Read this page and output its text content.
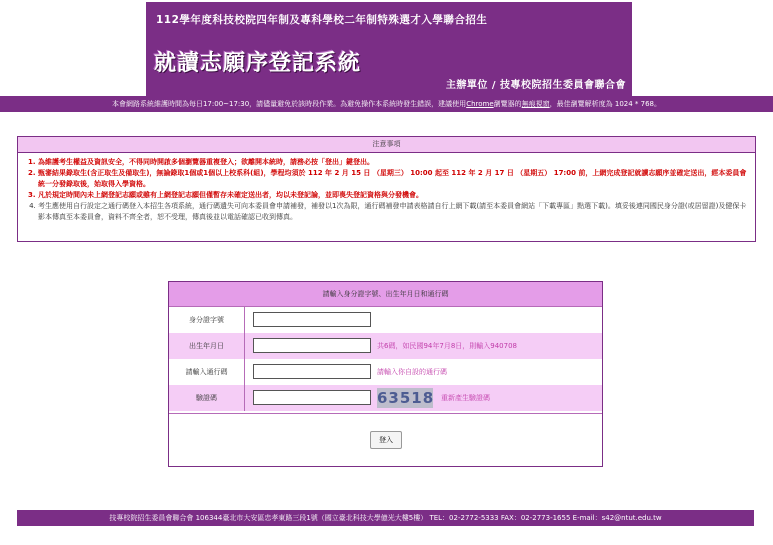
112學年度科技校院四年制及專科學校二年制特殊選才入學聯合招生
就讀志願序登記系統
主辦單位 / 技專校院招生委員會聯合會
本會網路系統維護時間為每日17:00~17:30，請儘量避免於該時段作業。為避免操作本系統時發生錯誤，建議使用Chrome瀏覽器的無痕視窗，最佳瀏覽解析度為 1024 * 768。
注意事項
1. 為維護考生權益及資訊安全，不得同時開啟多個瀏覽器重複登入；欲離開本統時，請務必按「登出」鍵登出。
2. 甄審結果錄取生(含正取生及備取生)，無論錄取1個或1個以上校系科(組)，學程均須於 112 年 2 月 15 日 （星期三） 10:00 起至 112 年 2 月 17 日 （星期五） 17:00 前，上網完成登記就讀志願序並確定送出，經本委員會統一分發錄取後，始取得入學資格。
3. 凡於規定時間內未上網登記志願或雖有上網登記志願但僅暫存未確定送出者，均以未登記論，並即喪失登記資格與分發機會。
4. 考生應使用自行設定之通行碼登入本招生各項系統，通行碼遺失可向本委員會申請補發，補發以1次為限，通行碼補發申請表格請自行上網下載(請至本委員會網站「下載專區」點選下載)。填妥後連同國民身分證(或居留證)及健保卡影本傳真至本委員會，資料不齊全者，恕不受理，傳真後並以電話確認已收到傳真。
請輸入身分證字號、出生年月日和通行碼
身分證字號
出生年月日	共6碼，如民國94年7月8日，則輸入940708
請輸入通行碼	請輸入你自設的通行碼
驗證碼	63518 重新產生驗證碼
登入
技專校院招生委員會聯合會 106344臺北市大安區忠孝東路三段1號（國立臺北科技大學億光大樓5樓） TEL：02-2772-5333 FAX：02-2773-1655 E-mail：s42@ntut.edu.tw
